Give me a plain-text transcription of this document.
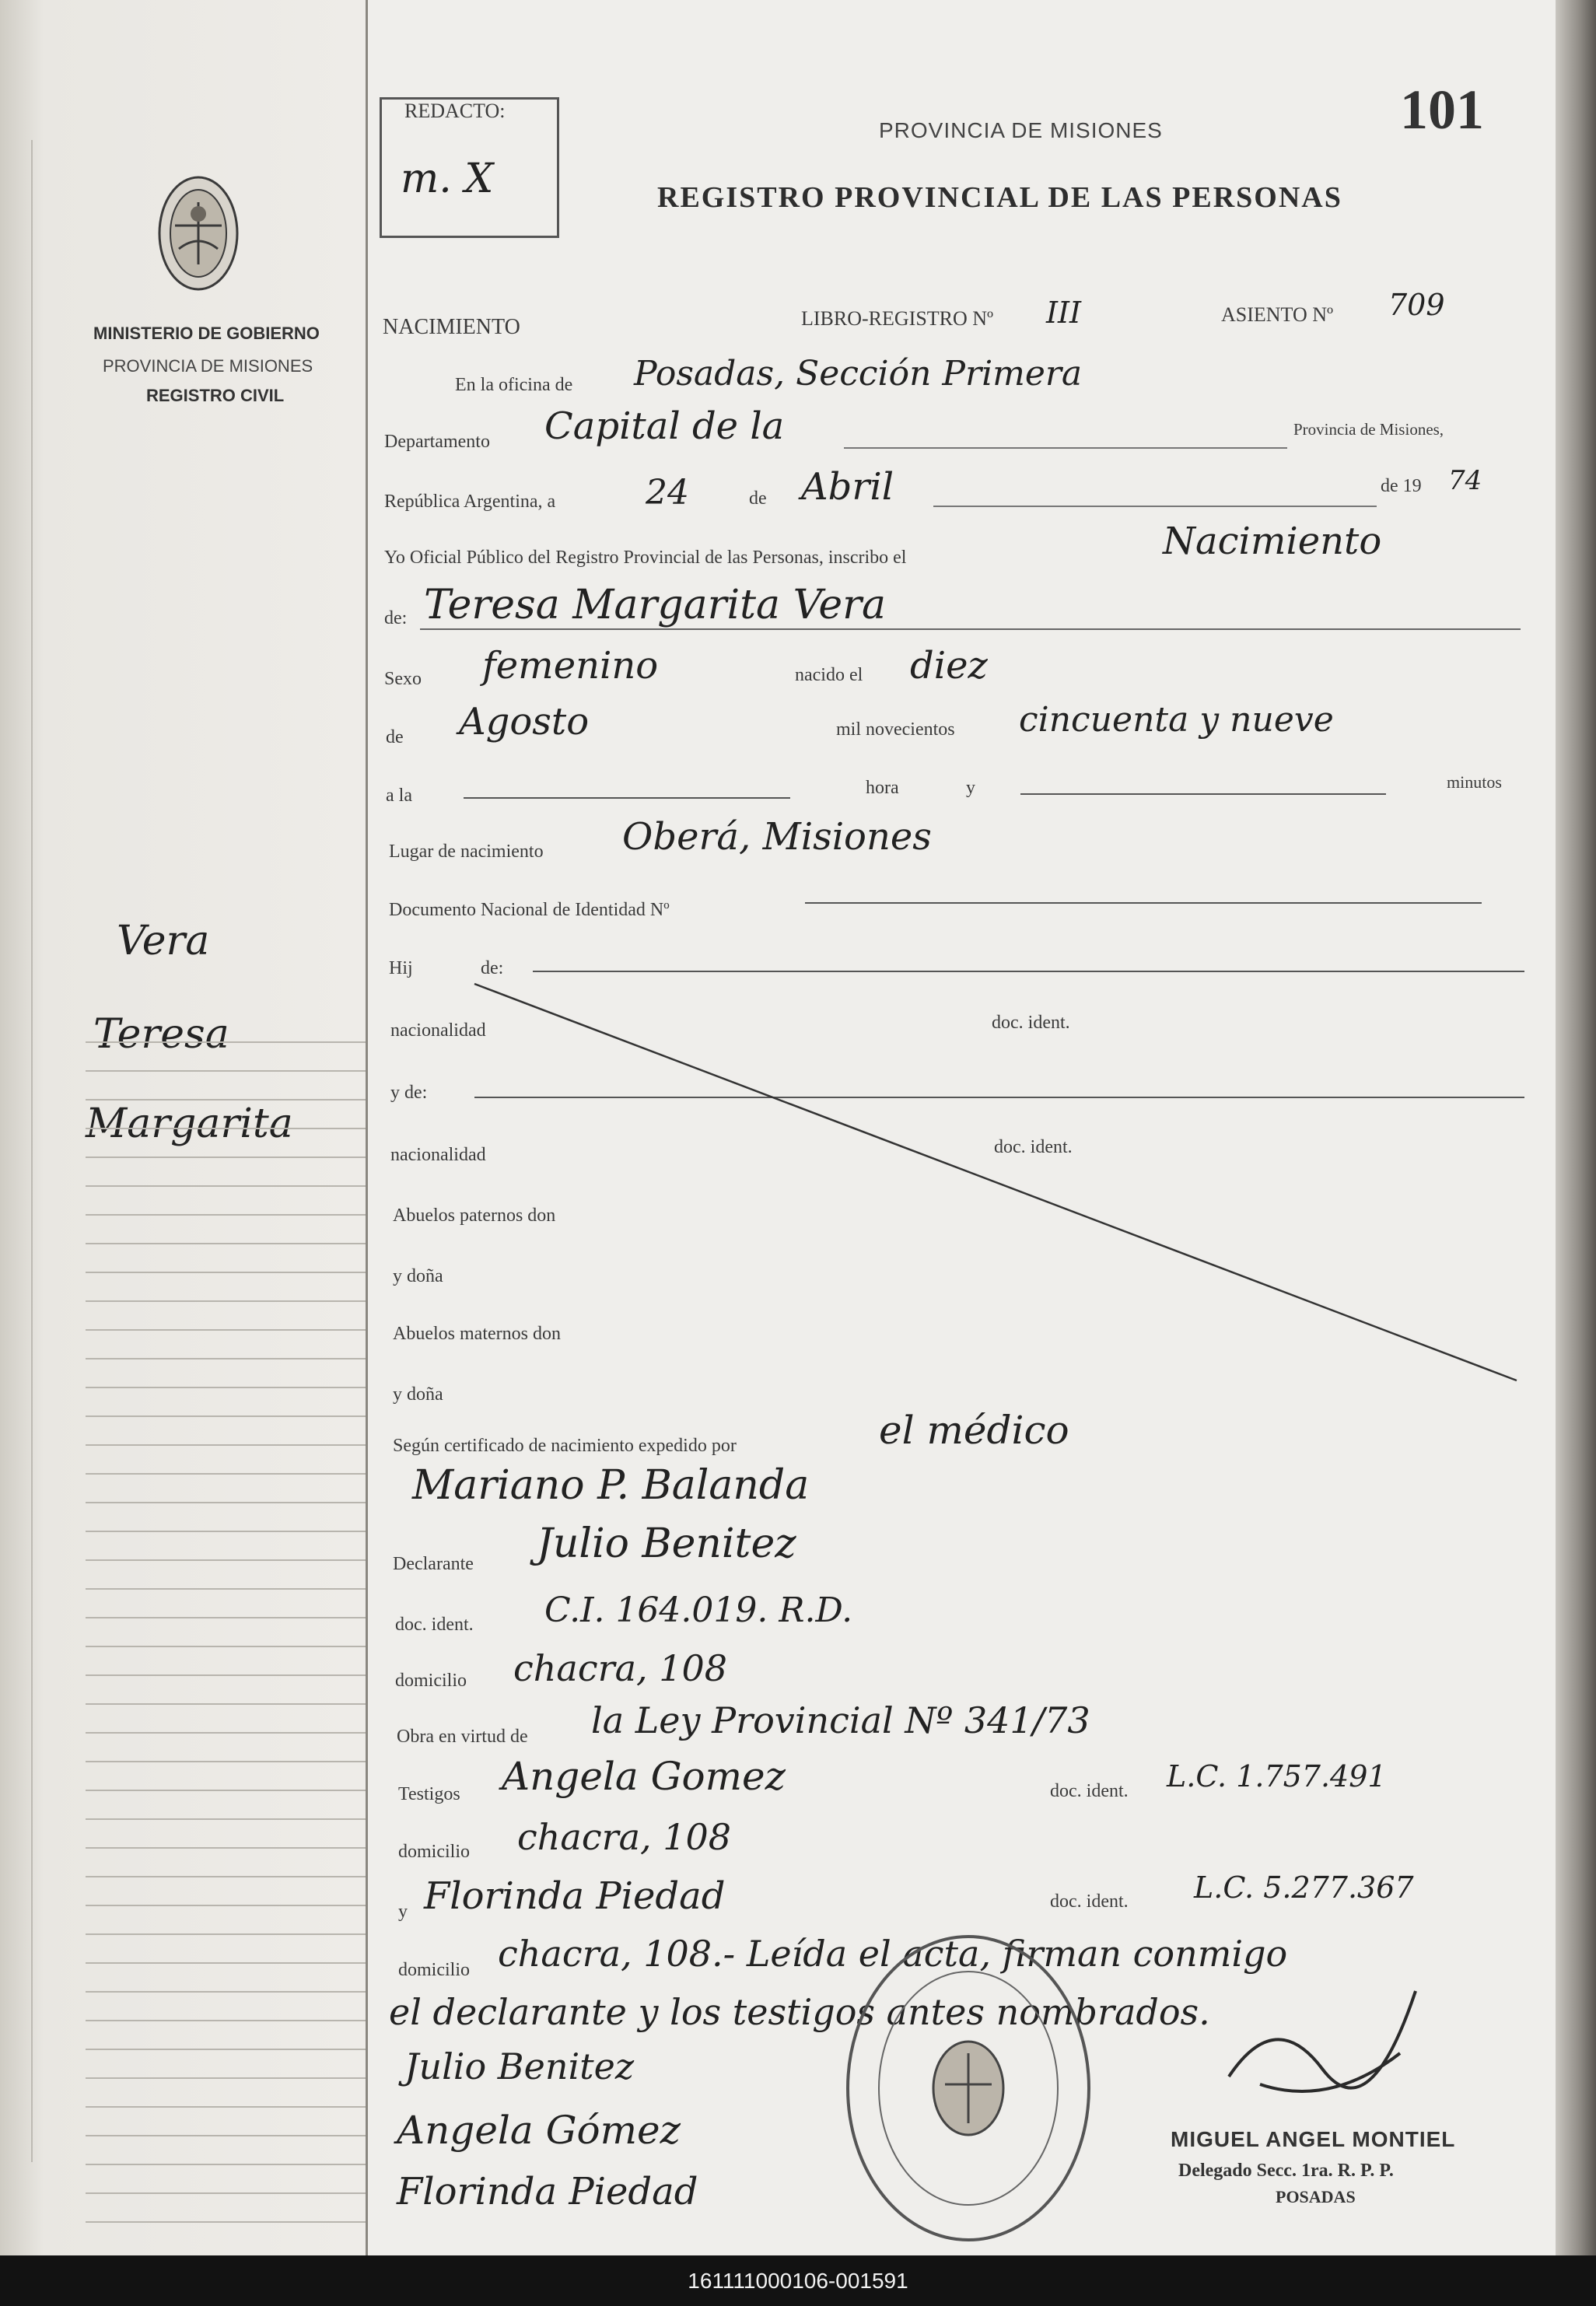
MINISTERIO DE GOBIERNO
PROVINCIA DE MISIONES
REGISTRO CIVIL
Vera
Teresa
Margarita
REDACTO:
m. X
PROVINCIA DE MISIONES
REGISTRO PROVINCIAL DE LAS PERSONAS
101
NACIMIENTO	LIBRO-REGISTRO Nº III	ASIENTO Nº 709
En la oficina de Posadas, Sección Primera
Departamento Capital de la	Provincia de Misiones,
República Argentina, a	24	de Abril	de 19 74
Yo Oficial Público del Registro Provincial de las Personas, inscribo el	Nacimiento
de: Teresa Margarita Vera
Sexo femenino	nacido el diez
de Agosto	mil novecientos cincuenta y nueve
a la	hora	y	minutos
Lugar de nacimiento Oberá, Misiones
Documento Nacional de Identidad Nº
Hij	de:
nacionalidad	doc. ident.
y de:
nacionalidad	doc. ident.
Abuelos paternos don
y doña
Abuelos maternos don
y doña
Según certificado de nacimiento expedido por	el médico
Mariano P. Balanda
Declarante Julio Benitez
doc. ident. C.I. 164.019. R.D.
domicilio chacra, 108
Obra en virtud de la Ley Provincial Nº 341/73
Testigos Angela Gomez	doc. ident. L.C. 1.757.491
domicilio chacra, 108
y Florinda Piedad	doc. ident. L.C. 5.277.367
domicilio chacra, 108.- Leída el acta, firman conmigo
el declarante y los testigos antes nombrados.
Julio Benitez
Angela Gómez
Florinda Piedad
MIGUEL ANGEL MONTIEL
Delegado Secc. 1ra. R. P. P.
POSADAS
161111000106-001591
